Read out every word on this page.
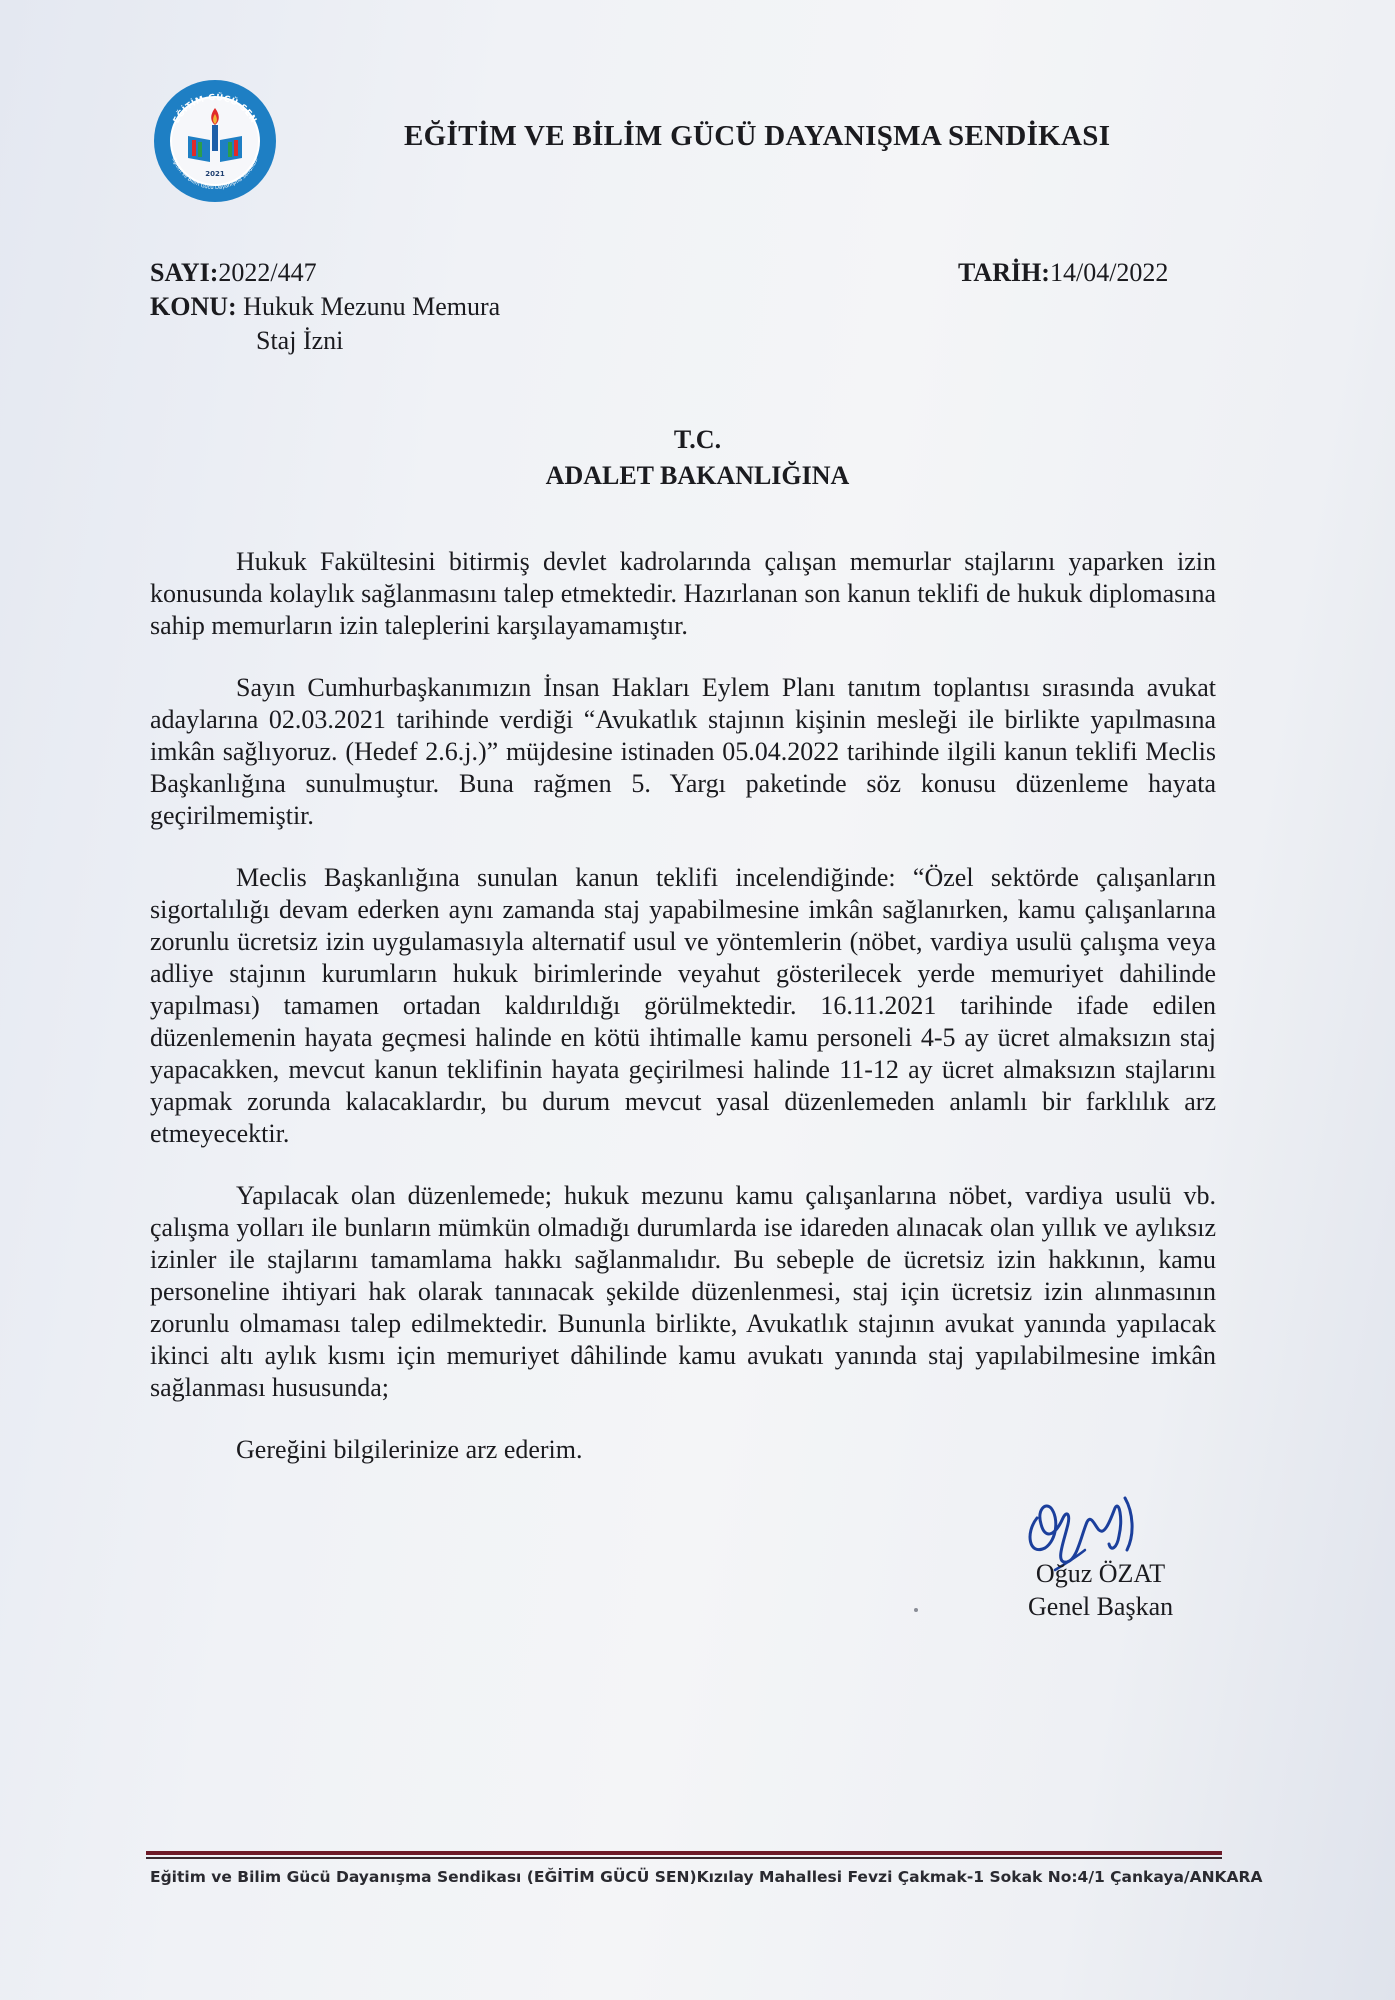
EĞİTİM GÜCÜ SEN
Eğitim ve Bilim Gücü Dayanışma Sendikası
2021
EĞİTİM VE BİLİM GÜCÜ DAYANIŞMA SENDİKASI
SAYI:2022/447
KONU: Hukuk Mezunu Memura
Staj İzni
TARİH:14/04/2022
T.C.
ADALET BAKANLIĞINA

Hukuk Fakültesini bitirmiş devlet kadrolarında çalışan memurlar stajlarını yaparken izin konusunda kolaylık sağlanmasını talep etmektedir. Hazırlanan son kanun teklifi de hukuk diplomasına sahip memurların izin taleplerini karşılayamamıştır.

Sayın Cumhurbaşkanımızın İnsan Hakları Eylem Planı tanıtım toplantısı sırasında avukat adaylarına 02.03.2021 tarihinde verdiği “Avukatlık stajının kişinin mesleği ile birlikte yapılmasına imkân sağlıyoruz. (Hedef 2.6.j.)” müjdesine istinaden 05.04.2022 tarihinde ilgili kanun teklifi Meclis Başkanlığına sunulmuştur. Buna rağmen 5. Yargı paketinde söz konusu düzenleme hayata geçirilmemiştir.

Meclis Başkanlığına sunulan kanun teklifi incelendiğinde: “Özel sektörde çalışanların sigortalılığı devam ederken aynı zamanda staj yapabilmesine imkân sağlanırken, kamu çalışanlarına zorunlu ücretsiz izin uygulamasıyla alternatif usul ve yöntemlerin (nöbet, vardiya usulü çalışma veya adliye stajının kurumların hukuk birimlerinde veyahut gösterilecek yerde memuriyet dahilinde yapılması) tamamen ortadan kaldırıldığı görülmektedir. 16.11.2021 tarihinde ifade edilen düzenlemenin hayata geçmesi halinde en kötü ihtimalle kamu personeli 4-5 ay ücret almaksızın staj yapacakken, mevcut kanun teklifinin hayata geçirilmesi halinde 11-12 ay ücret almaksızın stajlarını yapmak zorunda kalacaklardır, bu durum mevcut yasal düzenlemeden anlamlı bir farklılık arz etmeyecektir.

Yapılacak olan düzenlemede; hukuk mezunu kamu çalışanlarına nöbet, vardiya usulü vb. çalışma yolları ile bunların mümkün olmadığı durumlarda ise idareden alınacak olan yıllık ve aylıksız izinler ile stajlarını tamamlama hakkı sağlanmalıdır. Bu sebeple de ücretsiz izin hakkının, kamu personeline ihtiyari hak olarak tanınacak şekilde düzenlenmesi, staj için ücretsiz izin alınmasının zorunlu olmaması talep edilmektedir. Bununla birlikte, Avukatlık stajının avukat yanında yapılacak ikinci altı aylık kısmı için memuriyet dâhilinde kamu avukatı yanında staj yapılabilmesine imkân sağlanması hususunda;

Gereğini bilgilerinize arz ederim.

Oğuz ÖZAT
Genel Başkan
Eğitim ve Bilim Gücü Dayanışma Sendikası (EĞİTİM GÜCÜ SEN)Kızılay Mahallesi Fevzi Çakmak-1 Sokak No:4/1 Çankaya/ANKARA
